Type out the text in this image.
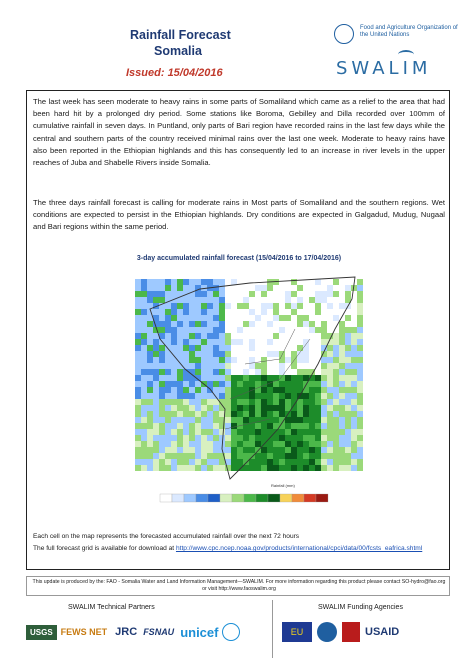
Rainfall Forecast
Somalia
Issued: 15/04/2016
Food and Agriculture Organization of the United Nations
SWALIM
The last week has seen moderate to heavy rains in some parts of Somaliland which came as a relief to the area that had been hard hit by a prolonged dry period. Some stations like Boroma, Gebilley and Dilla recorded over 100mm of cumulative rainfall in seven days. In Puntland, only parts of Bari region have recorded rains in the last few days while the central and southern parts of the country received minimal rains over the last one week. Moderate to heavy rains have also been reported in the Ethiopian highlands and this has consequently led to an increase in river levels in the upper reaches of Juba and Shabelle Rivers inside Somalia.
The three days rainfall forecast is calling for moderate rains in Most parts of Somaliland and the southern regions. Wet conditions are expected to persist in the Ethiopian highlands. Dry conditions are expected in Galgadud, Mudug, Nugaal and Bari regions within the same period.
3-day accumulated rainfall forecast (15/04/2016 to 17/04/2016)
Rainfall (mm)
Each cell on the map represents the forecasted accumulated rainfall over the next 72 hours
The full forecast grid is available for download at http://www.cpc.ncep.noaa.gov/products/international/cpci/data/00/fcsts_eafrica.shtml
This update is produced by the: FAO - Somalia Water and Land Information Management—SWALIM. For more information regarding this product please contact SO-hydro@fao.org or visit http://www.faoswalim.org
SWALIM Technical Partners	SWALIM Funding Agencies
USGS FEWS NET JRC FSNAU unicef	EU	USAID
